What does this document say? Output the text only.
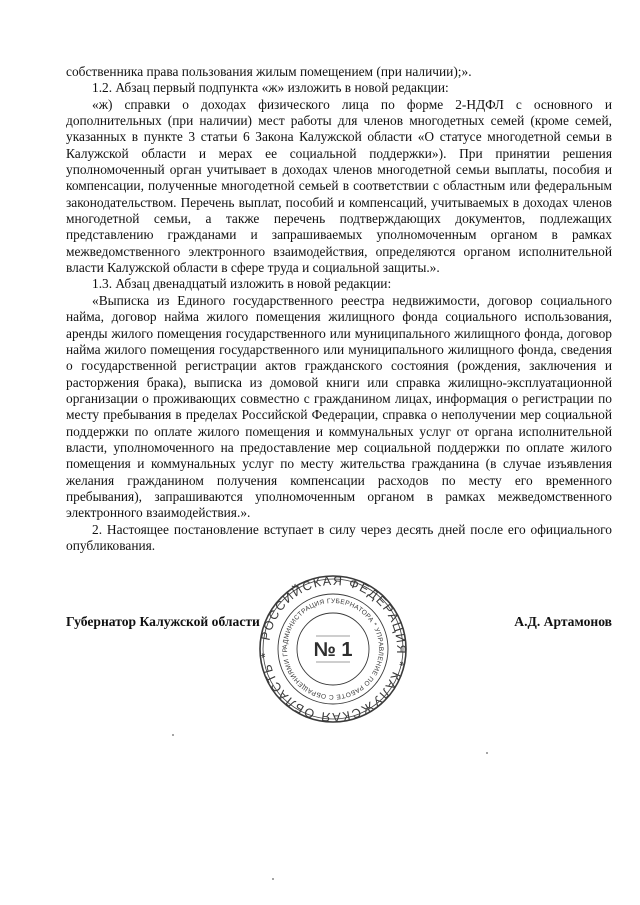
собственника права пользования жилым помещением (при наличии);».

1.2. Абзац первый подпункта «ж» изложить в новой редакции:

«ж) справки о доходах физического лица по форме 2-НДФЛ с основного и дополнительных (при наличии) мест работы для членов многодетных семей (кроме семей, указанных в пункте 3 статьи 6 Закона Калужской области «О статусе многодетной семьи в Калужской области и мерах ее социальной поддержки»). При принятии решения уполномоченный орган учитывает в доходах членов многодетной семьи выплаты, пособия и компенсации, полученные многодетной семьей в соответствии с областным или федеральным законодательством. Перечень выплат, пособий и компенсаций, учитываемых в доходах членов многодетной семьи, а также перечень подтверждающих документов, подлежащих представлению гражданами и запрашиваемых уполномоченным органом в рамках межведомственного электронного взаимодействия, определяются органом исполнительной власти Калужской области в сфере труда и социальной защиты.».

1.3. Абзац двенадцатый изложить в новой редакции:

«Выписка из Единого государственного реестра недвижимости, договор социального найма, договор найма жилого помещения жилищного фонда социального использования, аренды жилого помещения государственного или муниципального жилищного фонда, договор найма жилого помещения государственного или муниципального жилищного фонда, сведения о государственной регистрации актов гражданского состояния (рождения, заключения и расторжения брака), выписка из домовой книги или справка жилищно-эксплуатационной организации о проживающих совместно с гражданином лицах, информация о регистрации по месту пребывания в пределах Российской Федерации, справка о неполучении мер социальной поддержки по оплате жилого помещения и коммунальных услуг от органа исполнительной власти, уполномоченного на предоставление мер социальной поддержки по оплате жилого помещения и коммунальных услуг по месту жительства гражданина (в случае изъявления желания гражданином получения компенсации расходов по месту его временного пребывания), запрашиваются уполномоченным органом в рамках межведомственного электронного взаимодействия.».

2. Настоящее постановление вступает в силу через десять дней после его официального опубликования.

Губернатор Калужской области	А.Д. Артамонов
РОССИЙСКАЯ ФЕДЕРАЦИЯ * КАЛУЖСКАЯ ОБЛАСТЬ *
АДМИНИСТРАЦИЯ ГУБЕРНАТОРА * УПРАВЛЕНИЕ ПО РАБОТЕ С ОБРАЩЕНИЯМИ ГРАЖДАН И ДЕЛОПРОИЗВОДСТВУ *
№ 1
